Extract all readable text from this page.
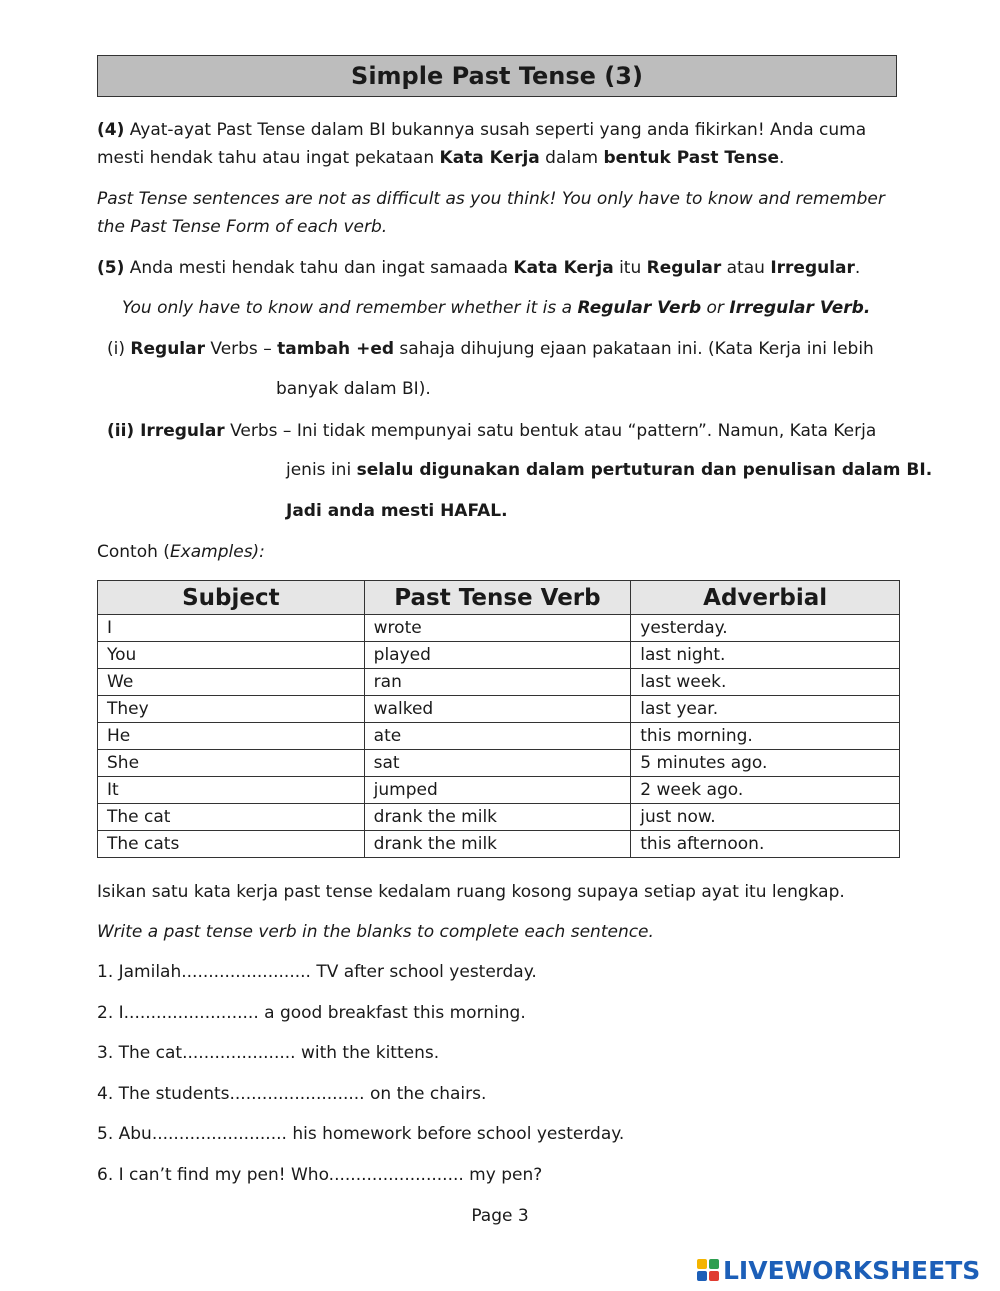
Simple Past Tense (3)
(4) Ayat-ayat Past Tense dalam BI bukannya susah seperti yang anda fikirkan! Anda cuma
mesti hendak tahu atau ingat pekataan Kata Kerja dalam bentuk Past Tense.
Past Tense sentences are not as difficult as you think! You only have to know and remember
the Past Tense Form of each verb.
(5) Anda mesti hendak tahu dan ingat samaada Kata Kerja itu Regular atau Irregular.
You only have to know and remember whether it is a Regular Verb or Irregular Verb.
(i) Regular Verbs – tambah +ed sahaja dihujung ejaan pakataan ini. (Kata Kerja ini lebih
banyak dalam BI).
(ii) Irregular Verbs – Ini tidak mempunyai satu bentuk atau “pattern”. Namun, Kata Kerja
jenis ini selalu digunakan dalam pertuturan dan penulisan dalam BI.
Jadi anda mesti HAFAL.
Contoh (Examples):
Subject	Past Tense Verb	Adverbial
I	wrote	yesterday.
You	played	last night.
We	ran	last week.
They	walked	last year.
He	ate	this morning.
She	sat	5 minutes ago.
It	jumped	2 week ago.
The cat	drank the milk	just now.
The cats	drank the milk	this afternoon.
Isikan satu kata kerja past tense kedalam ruang kosong supaya setiap ayat itu lengkap.
Write a past tense verb in the blanks to complete each sentence.
1. Jamilah........................ TV after school yesterday.
2. I......................... a good breakfast this morning.
3. The cat..................... with the kittens.
4. The students......................... on the chairs.
5. Abu......................... his homework before school yesterday.
6. I can’t find my pen! Who......................... my pen?
Page 3
LIVEWORKSHEETS
